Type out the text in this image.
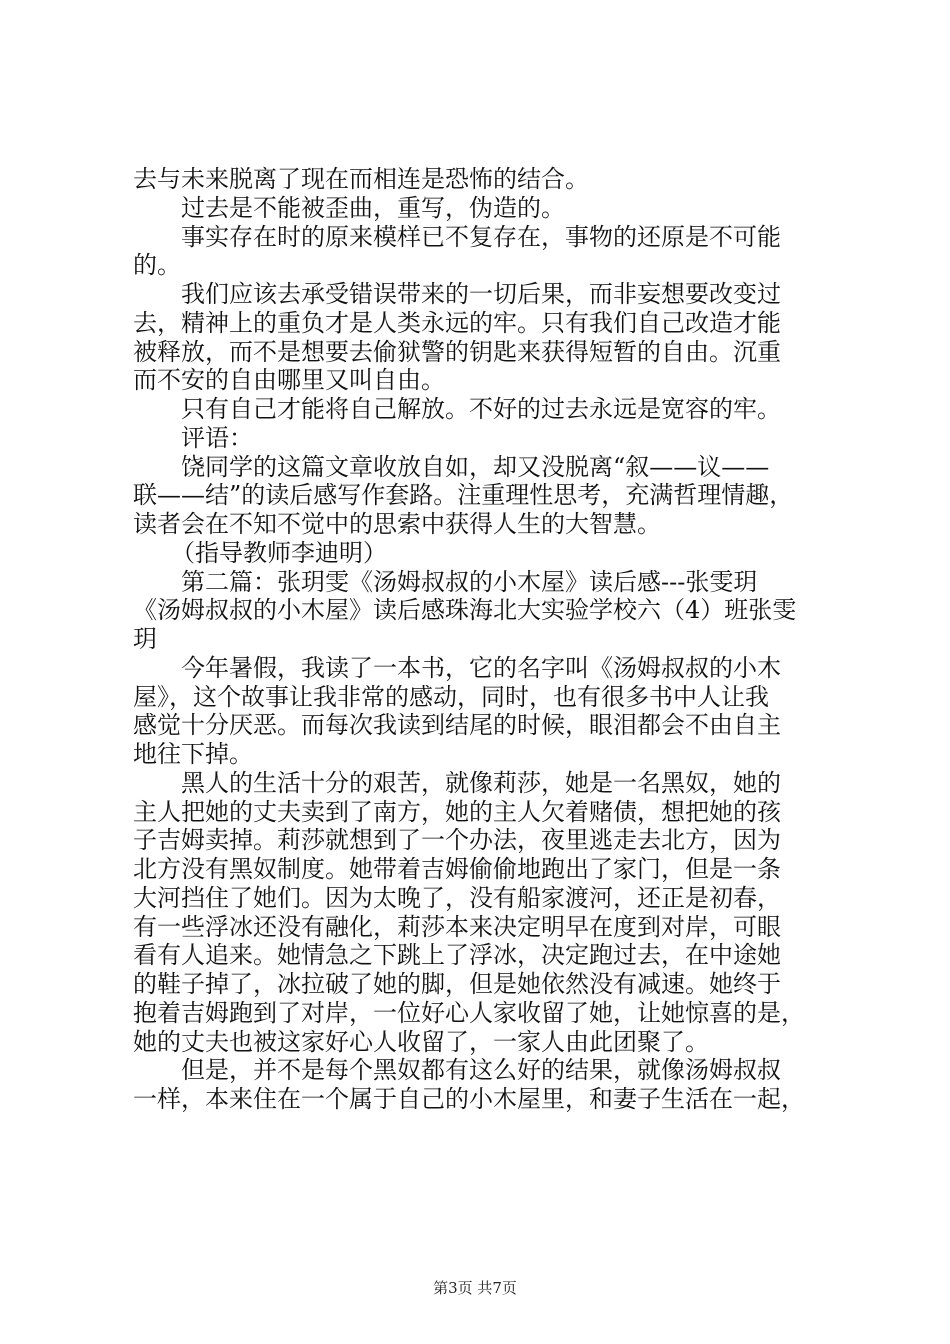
去与未来脱离了现在而相连是恐怖的结合。
过去是不能被歪曲，重写，伪造的。
事实存在时的原来模样已不复存在，事物的还原是不可能
的。
我们应该去承受错误带来的一切后果，而非妄想要改变过
去，精神上的重负才是人类永远的牢。只有我们自己改造才能
被释放，而不是想要去偷狱警的钥匙来获得短暂的自由。沉重
而不安的自由哪里又叫自由。
只有自己才能将自己解放。不好的过去永远是宽容的牢。
评语：
饶同学的这篇文章收放自如，却又没脱离“叙——议——
联——结”的读后感写作套路。注重理性思考，充满哲理情趣，
读者会在不知不觉中的思索中获得人生的大智慧。
（指导教师李迪明）
第二篇：张玥雯《汤姆叔叔的小木屋》读后感---张雯玥
《汤姆叔叔的小木屋》读后感珠海北大实验学校六（4）班张雯
玥
今年暑假，我读了一本书，它的名字叫《汤姆叔叔的小木
屋》，这个故事让我非常的感动，同时，也有很多书中人让我
感觉十分厌恶。而每次我读到结尾的时候，眼泪都会不由自主
地往下掉。
黑人的生活十分的艰苦，就像莉莎，她是一名黑奴，她的
主人把她的丈夫卖到了南方，她的主人欠着赌债，想把她的孩
子吉姆卖掉。莉莎就想到了一个办法，夜里逃走去北方，因为
北方没有黑奴制度。她带着吉姆偷偷地跑出了家门，但是一条
大河挡住了她们。因为太晚了，没有船家渡河，还正是初春，
有一些浮冰还没有融化，莉莎本来决定明早在度到对岸，可眼
看有人追来。她情急之下跳上了浮冰，决定跑过去，在中途她
的鞋子掉了，冰拉破了她的脚，但是她依然没有减速。她终于
抱着吉姆跑到了对岸，一位好心人家收留了她，让她惊喜的是，
她的丈夫也被这家好心人收留了，一家人由此团聚了。
但是，并不是每个黑奴都有这么好的结果，就像汤姆叔叔
一样，本来住在一个属于自己的小木屋里，和妻子生活在一起，
第3页 共7页
